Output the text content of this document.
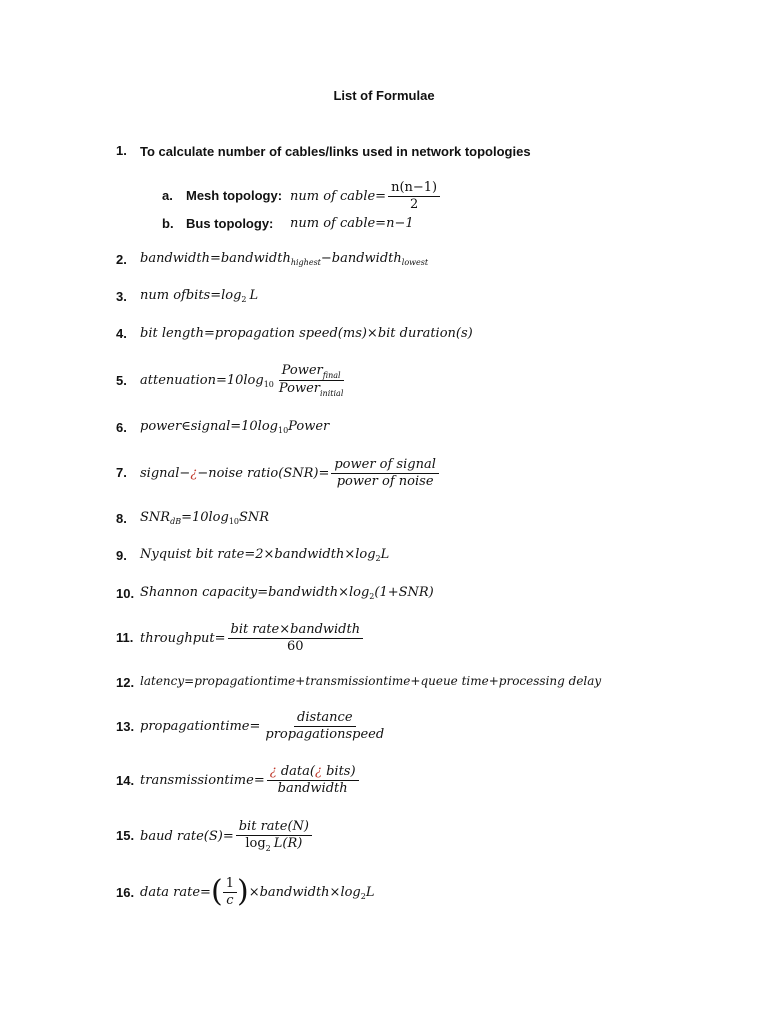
List of Formulae
1. To calculate number of cables/links used in network topologies
a. Mesh topology: num of cable= $\frac{n(n-1)}{2}$
b. Bus topology: num of cable=n−1
2. bandwidth=bandwidth highest −bandwidth lowest
3. num ofbits=log 2 L
4. bit length=propagation speed(ms)×bit duration(s)
5. attenuation=10log $10 \frac{Power_{final}}{Power_{initial}}$
6. power∈signal=10log 10 Power
7. signal− ¿ −noise ratio(SNR)= $\frac{\text{power of signal}}{\text{power of noise}}$
8. SNR dB =10log 10 SNR
9. Nyquist bit rate=2×bandwidth×log 2 L
10. Shannon capacity=bandwidth×log 2 (1+SNR)
11. throughput= $\frac{\text{bit rate×bandwidth}}{60}$
12. latency=propagationtime+transmissiontime+queue time+processing delay
13. propagationtime= $\frac{\text{distance}}{\text{propagationspeed}}$
14. transmissiontime= $\frac{\text{¿ data(¿ bits)}}{\text{bandwidth}}$
15. baud rate(S)= $\frac{\text{bit rate(N)}}{\log_2 L(R)}$
16. data rate= ( $\frac{1}{c}$ ) ×bandwidth×log 2 L
